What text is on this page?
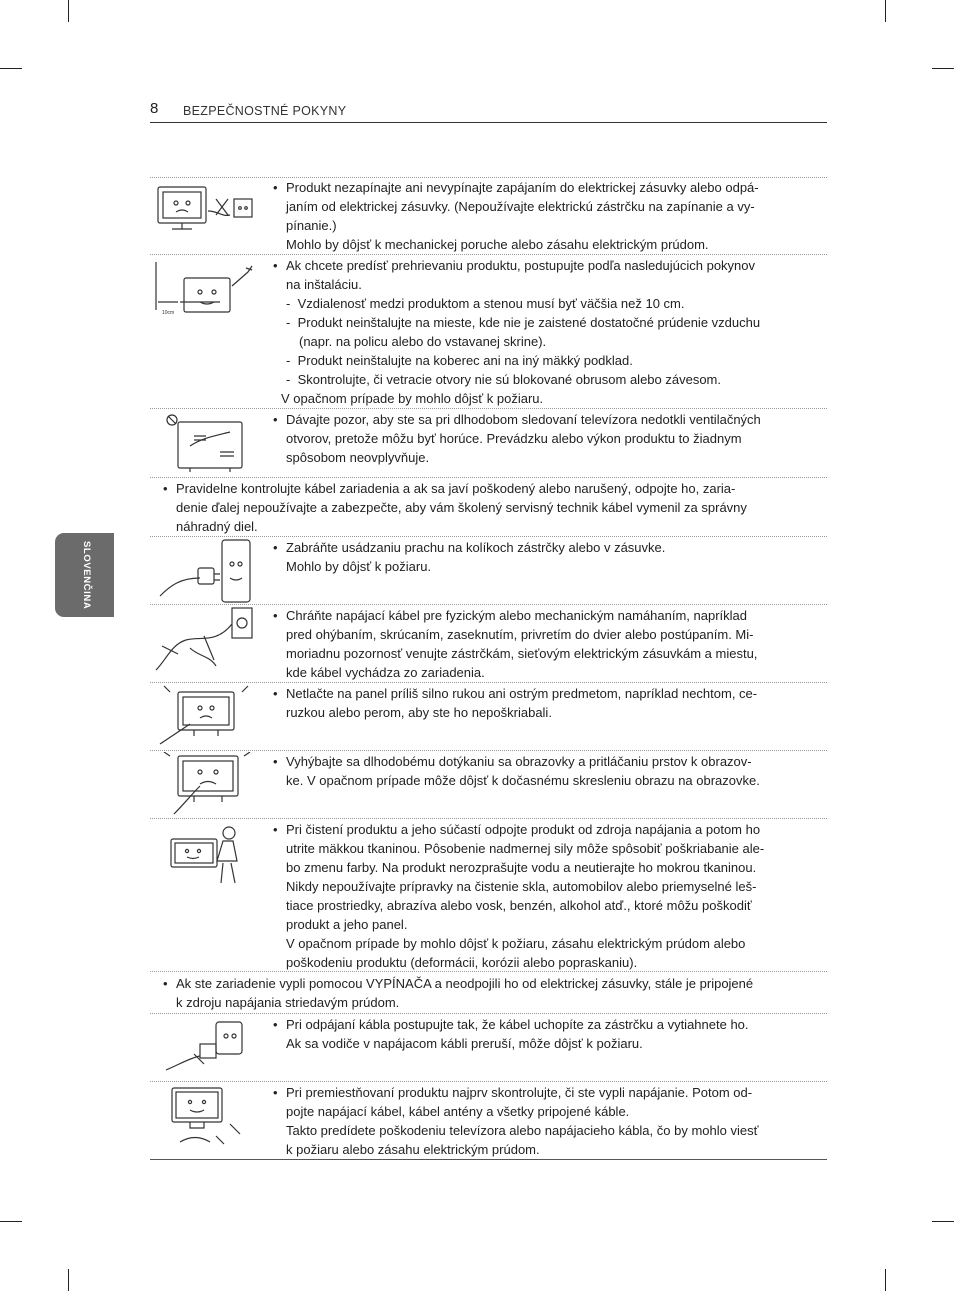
8 BEZPEČNOSTNÉ POKYNY
SLOVENČINA
10cm
• Produkt nezapínajte ani nevypínajte zapájaním do elektrickej zásuvky alebo odpá-

janím od elektrickej zásuvky. (Nepoužívajte elektrickú zástrčku na zapínanie a vy-

pínanie.)

Mohlo by dôjsť k mechanickej poruche alebo zásahu elektrickým prúdom.

• Ak chcete predísť prehrievaniu produktu, postupujte podľa nasledujúcich pokynov

na inštaláciu.

-  Vzdialenosť medzi produktom a stenou musí byť väčšia než 10 cm.

-  Produkt neinštalujte na mieste, kde nie je zaistené dostatočné prúdenie vzduchu

(napr. na policu alebo do vstavanej skrine).

-  Produkt neinštalujte na koberec ani na iný mäkký podklad.

-  Skontrolujte, či vetracie otvory nie sú blokované obrusom alebo závesom.

V opačnom prípade by mohlo dôjsť k požiaru.

• Dávajte pozor, aby ste sa pri dlhodobom sledovaní televízora nedotkli ventilačných

otvorov, pretože môžu byť horúce. Prevádzku alebo výkon produktu to žiadnym

spôsobom neovplyvňuje.

• Pravidelne kontrolujte kábel zariadenia a ak sa javí poškodený alebo narušený, odpojte ho, zaria-

denie ďalej nepoužívajte a zabezpečte, aby vám školený servisný technik kábel vymenil za správny

náhradný diel.

• Zabráňte usádzaniu prachu na kolíkoch zástrčky alebo v zásuvke.

Mohlo by dôjsť k požiaru.

• Chráňte napájací kábel pre fyzickým alebo mechanickým namáhaním, napríklad

pred ohýbaním, skrúcaním, zaseknutím, privretím do dvier alebo postúpaním. Mi-

moriadnu pozornosť venujte zástrčkám, sieťovým elektrickým zásuvkám a miestu,

kde kábel vychádza zo zariadenia.

• Netlačte na panel príliš silno rukou ani ostrým predmetom, napríklad nechtom, ce-

ruzkou alebo perom, aby ste ho nepoškriabali.

• Vyhýbajte sa dlhodobému dotýkaniu sa obrazovky a pritláčaniu prstov k obrazov-

ke. V opačnom prípade môže dôjsť k dočasnému skresleniu obrazu na obrazovke.

• Pri čistení produktu a jeho súčastí odpojte produkt od zdroja napájania a potom ho

utrite mäkkou tkaninou. Pôsobenie nadmernej sily môže spôsobiť poškriabanie ale-

bo zmenu farby. Na produkt nerozprašujte vodu a neutierajte ho mokrou tkaninou.

Nikdy nepoužívajte prípravky na čistenie skla, automobilov alebo priemyselné leš-

tiace prostriedky, abrazíva alebo vosk, benzén, alkohol atď., ktoré môžu poškodiť

produkt a jeho panel.

V opačnom prípade by mohlo dôjsť k požiaru, zásahu elektrickým prúdom alebo

poškodeniu produktu (deformácii, korózii alebo popraskaniu).

• Ak ste zariadenie vypli pomocou VYPÍNAČA a neodpojili ho od elektrickej zásuvky, stále je pripojené

k zdroju napájania striedavým prúdom.

• Pri odpájaní kábla postupujte tak, že kábel uchopíte za zástrčku a vytiahnete ho.

Ak sa vodiče v napájacom kábli preruší, môže dôjsť k požiaru.

• Pri premiestňovaní produktu najprv skontrolujte, či ste vypli napájanie. Potom od-

pojte napájací kábel, kábel antény a všetky pripojené káble.

Takto predídete poškodeniu televízora alebo napájacieho kábla, čo by mohlo viesť

k požiaru alebo zásahu elektrickým prúdom.
